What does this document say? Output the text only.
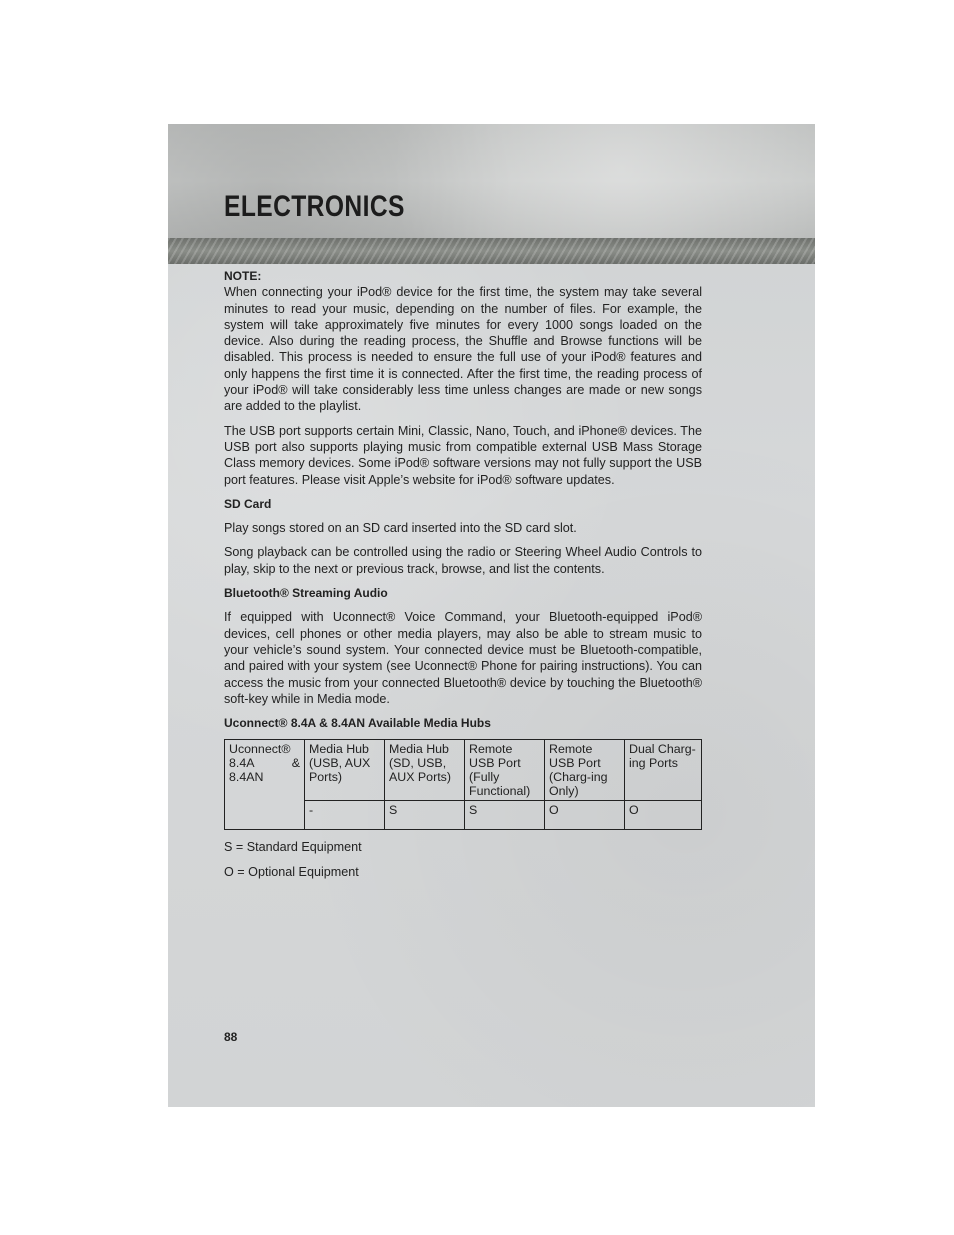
ELECTRONICS

NOTE:

When connecting your iPod® device for the first time, the system may take several minutes to read your music, depending on the number of files. For example, the system will take approximately five minutes for every 1000 songs loaded on the device. Also during the reading process, the Shuffle and Browse functions will be disabled. This process is needed to ensure the full use of your iPod® features and only happens the first time it is connected. After the first time, the reading process of your iPod® will take considerably less time unless changes are made or new songs are added to the playlist.

The USB port supports certain Mini, Classic, Nano, Touch, and iPhone® devices. The USB port also supports playing music from compatible external USB Mass Storage Class memory devices. Some iPod® software versions may not fully support the USB port features. Please visit Apple’s website for iPod® software updates.

SD Card

Play songs stored on an SD card inserted into the SD card slot.

Song playback can be controlled using the radio or Steering Wheel Audio Controls to play, skip to the next or previous track, browse, and list the contents.

Bluetooth® Streaming Audio

If equipped with Uconnect® Voice Command, your Bluetooth-equipped iPod® devices, cell phones or other media players, may also be able to stream music to your vehicle’s sound system. Your connected device must be Bluetooth-compatible, and paired with your system (see Uconnect® Phone for pairing instructions). You can access the music from your connected Bluetooth® device by touching the Bluetooth® soft-key while in Media mode.

Uconnect® 8.4A & 8.4AN Available Media Hubs

Uconnect®
8.4A &
8.4AN	Media Hub (USB, AUX Ports)	Media Hub (SD, USB, AUX Ports)	Remote USB Port (Fully Functional)	Remote USB Port (Charg-ing Only)	Dual Charg-ing Ports
	-	S	S	O	O

S = Standard Equipment

O = Optional Equipment

88
